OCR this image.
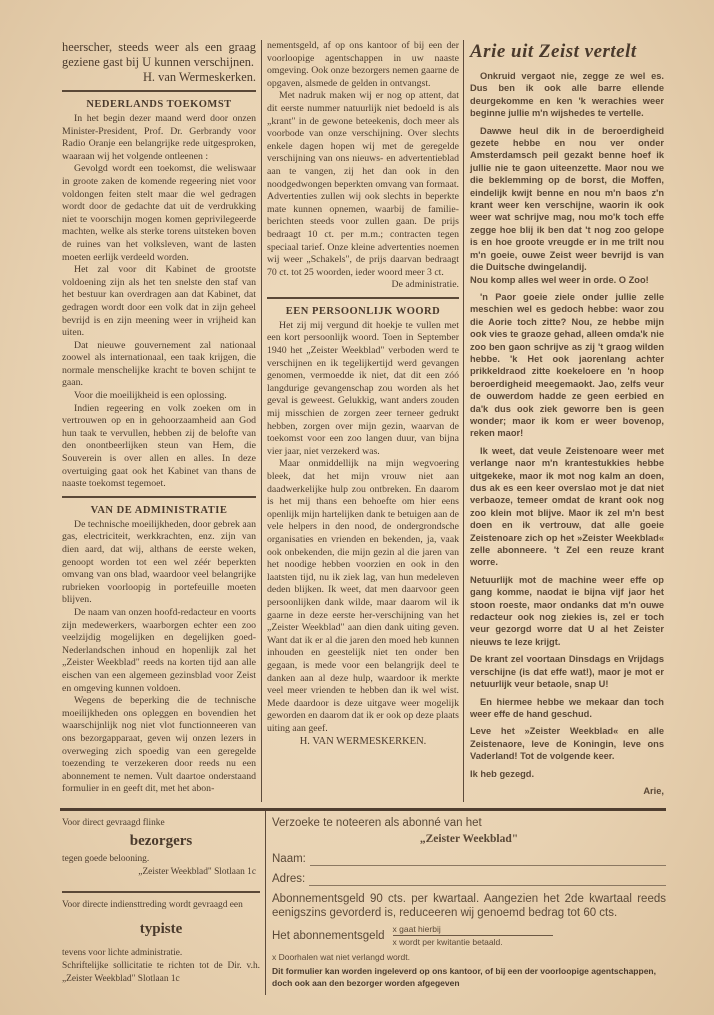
heerscher, steeds weer als een graag geziene gast bij U kunnen verschijnen.

H. van Wermeskerken.

NEDERLANDS TOEKOMST

In het begin dezer maand werd door onzen Minister-President, Prof. Dr. Gerbrandy voor Radio Oranje een belangrijke rede uitgesproken, waaraan wij het volgende ontleenen :

Gevolgd wordt een toekomst, die weliswaar in groote zaken de komende regeering niet voor voldongen feiten stelt maar die wel gedragen wordt door de gedachte dat uit de verdrukking niet te voorschijn mogen komen geprivilegeerde machten, welke als sterke torens uitsteken boven de ruines van het volksleven, want de lasten moeten eerlijk verdeeld worden.

Het zal voor dit Kabinet de grootste voldoening zijn als het ten snelste den staf van het bestuur kan overdragen aan dat Kabinet, dat gedragen wordt door een volk dat in zijn geheel bevrijd is en zijn meening weer in vrijheid kan uiten.

Dat nieuwe gouvernement zal nationaal zoowel als internationaal, een taak krijgen, die normale menschelijke kracht te boven schijnt te gaan.

Voor die moeilijkheid is een oplossing.

Indien regeering en volk zoeken om in vertrouwen op en in gehoorzaamheid aan God hun taak te vervullen, hebben zij de belofte van den onontbeerlijken steun van Hem, die Souverein is over allen en alles. In deze overtuiging gaat ook het Kabinet van thans de naaste toekomst tegemoet.

VAN DE ADMINISTRATIE

De technische moeilijkheden, door gebrek aan gas, electriciteit, werkkrachten, enz. zijn van dien aard, dat wij, althans de eerste weken, genoopt worden tot een wel zéér beperkten omvang van ons blad, waardoor veel belangrijke rubrieken voorloopig in portefeuille moeten blijven.

De naam van onzen hoofd-redacteur en voorts zijn medewerkers, waarborgen echter een zoo veelzijdig mogelijken en degelijken goed-Nederlandschen inhoud en hopenlijk zal het „Zeister Weekblad" reeds na korten tijd aan alle eischen van een algemeen gezinsblad voor Zeist en omgeving kunnen voldoen.

Wegens de beperking die de technische moeilijkheden ons opleggen en bovendien het waarschijnlijk nog niet vlot functionneeren van ons bezorgapparaat, geven wij onzen lezers in overweging zich spoedig van een geregelde toezending te verzekeren door reeds nu een abonnement te nemen. Vult daartoe onderstaand formulier in en geeft dit, met het abon-

nementsgeld, af op ons kantoor of bij een der voorloopige agentschappen in uw naaste omgeving. Ook onze bezorgers nemen gaarne de opgaven, alsmede de gelden in ontvangst.

Met nadruk maken wij er nog op attent, dat dit eerste nummer natuurlijk niet bedoeld is als „krant" in de gewone beteekenis, doch meer als voorbode van onze verschijning. Over slechts enkele dagen hopen wij met de geregelde verschijning van ons nieuws- en advertentieblad aan te vangen, zij het dan ook in den noodgedwongen beperkten omvang van formaat. Advertenties zullen wij ook slechts in beperkte mate kunnen opnemen, waarbij de familie-berichten steeds voor zullen gaan. De prijs bedraagt 10 ct. per m.m.; contracten tegen speciaal tarief. Onze kleine advertenties noemen wij weer „Schakels", de prijs daarvan bedraagt 70 ct. tot 25 woorden, ieder woord meer 3 ct.

De administratie.

EEN PERSOONLIJK WOORD

Het zij mij vergund dit hoekje te vullen met een kort persoonlijk woord. Toen in September 1940 het „Zeister Weekblad" verboden werd te verschijnen en ik tegelijkertijd werd gevangen genomen, vermoedde ik niet, dat dit een zóó langdurige gevangenschap zou worden als het geval is geweest. Gelukkig, want anders zouden mij misschien de zorgen zeer terneer gedrukt hebben, zorgen over mijn gezin, waarvan de toekomst voor een zoo langen duur, van bijna vier jaar, niet verzekerd was.

Maar onmiddellijk na mijn wegvoering bleek, dat het mijn vrouw niet aan daadwerkelijke hulp zou ontbreken. En daarom is het mij thans een behoefte om hier eens openlijk mijn hartelijken dank te betuigen aan de vele helpers in den nood, de ondergrondsche organisaties en vrienden en bekenden, ja, vaak ook onbekenden, die mijn gezin al die jaren van het noodige hebben voorzien en ook in den laatsten tijd, nu ik ziek lag, van hun medeleven deden blijken. Ik weet, dat men daarvoor geen persoonlijken dank wilde, maar daarom wil ik gaarne in deze eerste her-verschijning van het „Zeister Weekblad" aan dien dank uiting geven. Want dat ik er al die jaren den moed heb kunnen inhouden en geestelijk niet ten onder ben gegaan, is mede voor een belangrijk deel te danken aan al deze hulp, waardoor ik merkte veel meer vrienden te hebben dan ik wel wist. Mede daardoor is deze uitgave weer mogelijk geworden en daarom dat ik er ook op deze plaats uiting aan geef.

H. VAN WERMESKERKEN.

Arie uit Zeist vertelt

Onkruid vergaot nie, zegge ze wel es. Dus ben ik ook alle barre ellende deurgekomme en ken 'k werachies weer beginne jullie m'n wijshedes te vertelle.

Dawwe heul dik in de beroerdigheid gezete hebbe en nou ver onder Amsterdamsch peil gezakt benne hoef ik jullie nie te gaon uiteenzette. Maor nou we die beklemming op de borst, die Moffen, eindelijk kwijt benne en nou m'n baos z'n krant weer ken verschijne, waorin ik ook weer wat schrijve mag, nou mo'k toch effe zegge hoe blij ik ben dat 't nog zoo gelope is en hoe groote vreugde er in me trilt nou m'n goeie, ouwe Zeist weer bevrijd is van die Duitsche dwingelandij.

Nou komp alles wel weer in orde. O Zoo!

'n Paor goeie ziele onder jullie zelle meschien wel es gedoch hebbe: waor zou die Aorie toch zitte? Nou, ze hebbe mijn ook vies te graoze gehad, alleen omda'k nie zoo ben gaon schrijve as zij 't graog wilden hebbe. 'k Het ook jaorenlang achter prikkeldraod zitte koekeloere en 'n hoop beroerdigheid meegemaokt. Jao, zelfs veur de ouwerdom hadde ze geen eerbied en da'k dus ook ziek geworre ben is geen wonder; maor ik kom er weer bovenop, reken maor!

Ik weet, dat veule Zeistenoare weer met verlange naor m'n krantestukkies hebbe uitgekeke, maor ik mot nog kalm an doen, dus ak es een keer overslao mot je dat niet verbaoze, temeer omdat de krant ook nog zoo klein mot blijve. Maor ik zel m'n best doen en ik vertrouw, dat alle goeie Zeistenoare zich op het »Zeister Weekblad« zelle abonneere. 't Zel een reuze krant worre.

Netuurlijk mot de machine weer effe op gang komme, naodat ie bijna vijf jaor het stoon roeste, maor ondanks dat m'n ouwe redacteur ook nog ziekies is, zel er toch veur gezorgd worre dat U al het Zeister nieuws te leze krijgt.

De krant zel voortaan Dinsdags en Vrijdags verschijne (is dat effe wat!), maor je mot er netuurlijk veur betaole, snap U!

En hiermee hebbe we mekaar dan toch weer effe de hand geschud.

Leve het »Zeister Weekblad« en alle Zeistenaore, leve de Koningin, leve ons Vaderland! Tot de volgende keer.

Ik heb gezegd.

Arie,

Voor direct gevraagd flinke
bezorgers
tegen goede belooning.
„Zeister Weekblad" Slotlaan 1c
Voor directe indiensttreding wordt gevraagd een
typiste
tevens voor lichte administratie.
Schriftelijke sollicitatie te richten tot de Dir. v.h. „Zeister Weekblad" Slotlaan 1c
Verzoeke te noteeren als abonné van het
„Zeister Weekblad"
Naam:
Adres:
Abonnementsgeld 90 cts. per kwartaal. Aangezien het 2de kwartaal reeds eenigszins gevorderd is, reduceeren wij genoemd bedrag tot 60 cts.
Het abonnementsgeld
x gaat hierbij
x wordt per kwitantie betaald.
x Doorhalen wat niet verlangd wordt.
Dit formulier kan worden ingeleverd op ons kantoor, of bij een der voorloopige agentschappen, doch ook aan den bezorger worden afgegeven
